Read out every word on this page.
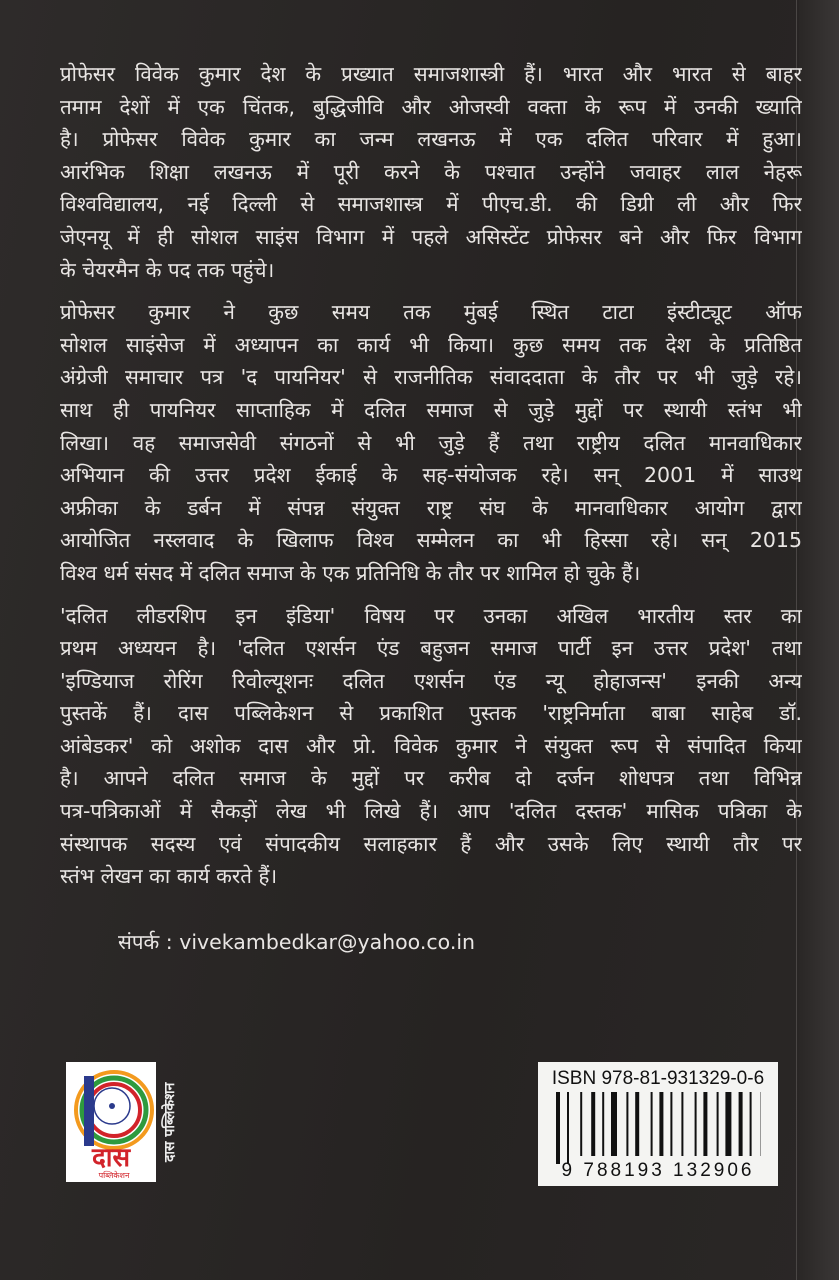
प्रोफेसर विवेक कुमार देश के प्रख्यात समाजशास्त्री हैं। भारत और भारत से बाहर
तमाम देशों में एक चिंतक, बुद्धिजीवि और ओजस्वी वक्ता के रूप में उनकी ख्याति
है। प्रोफेसर विवेक कुमार का जन्म लखनऊ में एक दलित परिवार में हुआ।
आरंभिक शिक्षा लखनऊ में पूरी करने के पश्चात उन्होंने जवाहर लाल नेहरू
विश्वविद्यालय, नई दिल्ली से समाजशास्त्र में पीएच.डी. की डिग्री ली और फिर
जेएनयू में ही सोशल साइंस विभाग में पहले असिस्टेंट प्रोफेसर बने और फिर विभाग
के चेयरमैन के पद तक पहुंचे।
प्रोफेसर कुमार ने कुछ समय तक मुंबई स्थित टाटा इंस्टीट्यूट ऑफ
सोशल साइंसेज में अध्यापन का कार्य भी किया। कुछ समय तक देश के प्रतिष्ठित
अंग्रेजी समाचार पत्र 'द पायनियर' से राजनीतिक संवाददाता के तौर पर भी जुड़े रहे।
साथ ही पायनियर साप्ताहिक में दलित समाज से जुड़े मुद्दों पर स्थायी स्तंभ भी
लिखा। वह समाजसेवी संगठनों से भी जुड़े हैं तथा राष्ट्रीय दलित मानवाधिकार
अभियान की उत्तर प्रदेश ईकाई के सह-संयोजक रहे। सन् 2001 में साउथ
अफ्रीका के डर्बन में संपन्न संयुक्त राष्ट्र संघ के मानवाधिकार आयोग द्वारा
आयोजित नस्लवाद के खिलाफ विश्व सम्मेलन का भी हिस्सा रहे। सन् 2015
विश्व धर्म संसद में दलित समाज के एक प्रतिनिधि के तौर पर शामिल हो चुके हैं।
'दलित लीडरशिप इन इंडिया' विषय पर उनका अखिल भारतीय स्तर का
प्रथम अध्ययन है। 'दलित एशर्सन एंड बहुजन समाज पार्टी इन उत्तर प्रदेश' तथा
'इण्डियाज रोरिंग रिवोल्यूशनः दलित एशर्सन एंड न्यू होहाजन्स' इनकी अन्य
पुस्तकें हैं। दास पब्लिकेशन से प्रकाशित पुस्तक 'राष्ट्रनिर्माता बाबा साहेब डॉ.
आंबेडकर' को अशोक दास और प्रो. विवेक कुमार ने संयुक्त रूप से संपादित किया
है। आपने दलित समाज के मुद्दों पर करीब दो दर्जन शोधपत्र तथा विभिन्न
पत्र-पत्रिकाओं में सैकड़ों लेख भी लिखे हैं। आप 'दलित दस्तक' मासिक पत्रिका के
संस्थापक सदस्य एवं संपादकीय सलाहकार हैं और उसके लिए स्थायी तौर पर
स्तंभ लेखन का कार्य करते हैं।
संपर्क : vivekambedkar@yahoo.co.in
दास
पब्लिकेशन
दास पब्लिकेशन
ISBN 978-81-931329-0-6
9 788193 132906
